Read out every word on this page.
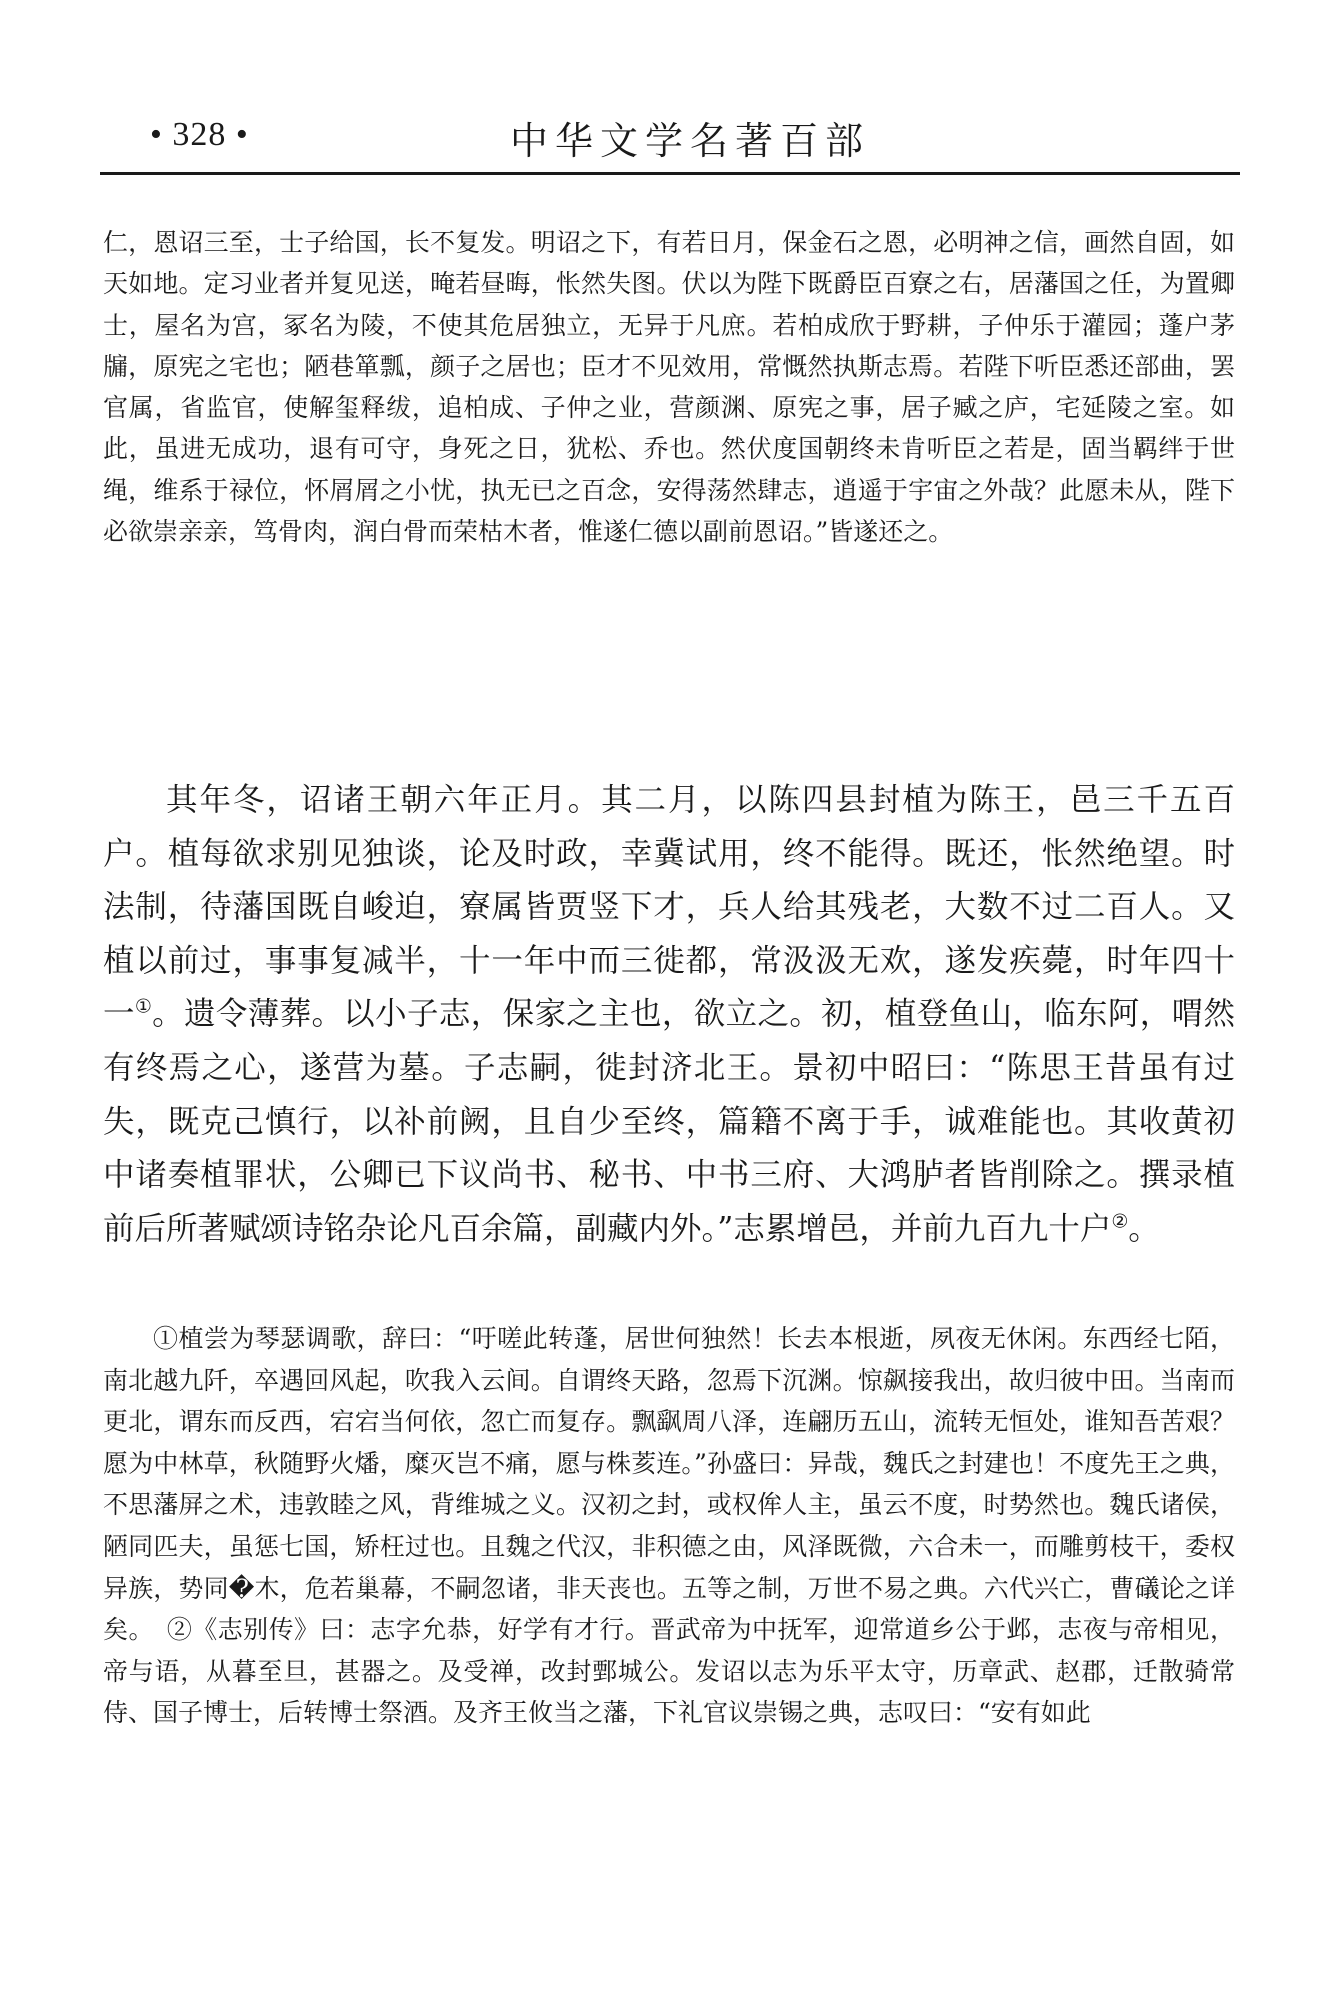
• 328 •	中华文学名著百部

仁，恩诏三至，士子给国，长不复发。明诏之下，有若日月，保金石之恩，必明神之信，画然自固，如天如地。定习业者并复见送，晻若昼晦，怅然失图。伏以为陛下既爵臣百寮之右，居藩国之任，为置卿士，屋名为宫，冢名为陵，不使其危居独立，无异于凡庶。若柏成欣于野耕，子仲乐于灌园；蓬户茅牖，原宪之宅也；陋巷箪瓢，颜子之居也；臣才不见效用，常慨然执斯志焉。若陛下听臣悉还部曲，罢官属，省监官，使解玺释绂，追柏成、子仲之业，营颜渊、原宪之事，居子臧之庐，宅延陵之室。如此，虽进无成功，退有可守，身死之日，犹松、乔也。然伏度国朝终未肯听臣之若是，固当羁绊于世绳，维系于禄位，怀屑屑之小忧，执无已之百念，安得荡然肆志，逍遥于宇宙之外哉？此愿未从，陛下必欲崇亲亲，笃骨肉，润白骨而荣枯木者，惟遂仁德以副前恩诏。”皆遂还之。

其年冬，诏诸王朝六年正月。其二月，以陈四县封植为陈王，邑三千五百户。植每欲求别见独谈，论及时政，幸冀试用，终不能得。既还，怅然绝望。时法制，待藩国既自峻迫，寮属皆贾竖下才，兵人给其残老，大数不过二百人。又植以前过，事事复减半，十一年中而三徙都，常汲汲无欢，遂发疾薨，时年四十一①。遗令薄葬。以小子志，保家之主也，欲立之。初，植登鱼山，临东阿，喟然有终焉之心，遂营为墓。子志嗣，徙封济北王。景初中昭曰：“陈思王昔虽有过失，既克己慎行，以补前阙，且自少至终，篇籍不离于手，诚难能也。其收黄初中诸奏植罪状，公卿已下议尚书、秘书、中书三府、大鸿胪者皆削除之。撰录植前后所著赋颂诗铭杂论凡百余篇，副藏内外。”志累增邑，并前九百九十户②。

①植尝为琴瑟调歌，辞曰：“吁嗟此转蓬，居世何独然！长去本根逝，夙夜无休闲。东西经七陌，南北越九阡，卒遇回风起，吹我入云间。自谓终天路，忽焉下沉渊。惊飙接我出，故归彼中田。当南而更北，谓东而反西，宕宕当何依，忽亡而复存。飘飖周八泽，连翩历五山，流转无恒处，谁知吾苦艰？愿为中林草，秋随野火燔，糜灭岂不痛，愿与株荄连。”孙盛曰：异哉，魏氏之封建也！不度先王之典，不思藩屏之术，违敦睦之风，背维城之义。汉初之封，或权侔人主，虽云不度，时势然也。魏氏诸侯，陋同匹夫，虽惩七国，矫枉过也。且魏之代汉，非积德之由，风泽既微，六合未一，而雕剪枝干，委权异族，势同�木，危若巢幕，不嗣忽诸，非天丧也。五等之制，万世不易之典。六代兴亡，曹礒论之详矣。　 ②《志别传》曰：志字允恭，好学有才行。晋武帝为中抚军，迎常道乡公于邺，志夜与帝相见，帝与语，从暮至旦，甚器之。及受禅，改封鄄城公。发诏以志为乐平太守，历章武、赵郡，迁散骑常侍、国子博士，后转博士祭酒。及齐王攸当之藩，下礼官议崇锡之典，志叹曰：“安有如此
